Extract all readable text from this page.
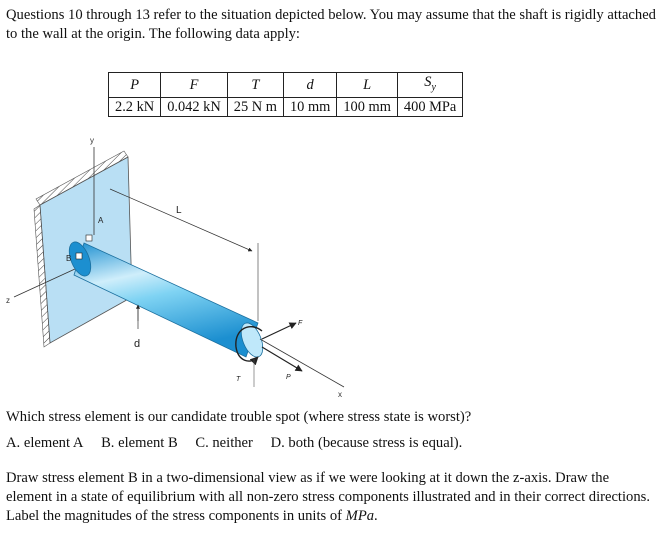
Questions 10 through 13 refer to the situation depicted below. You may assume that the shaft is rigidly attached to the wall at the origin. The following data apply:
P	F	T	d	L	$S_y$
2.2 kN	0.042 kN	25 N m	10 mm	100 mm	400 MPa
y
z
x
A
B
L
d
F
P
T
Which stress element is our candidate trouble spot (where stress state is worst)?
A. element A B. element B C. neither D. both (because stress is equal).
Draw stress element B in a two-dimensional view as if we were looking at it down the z-axis. Draw the element in a state of equilibrium with all non-zero stress components illustrated and in their correct directions. Label the magnitudes of the stress components in units of MPa.
